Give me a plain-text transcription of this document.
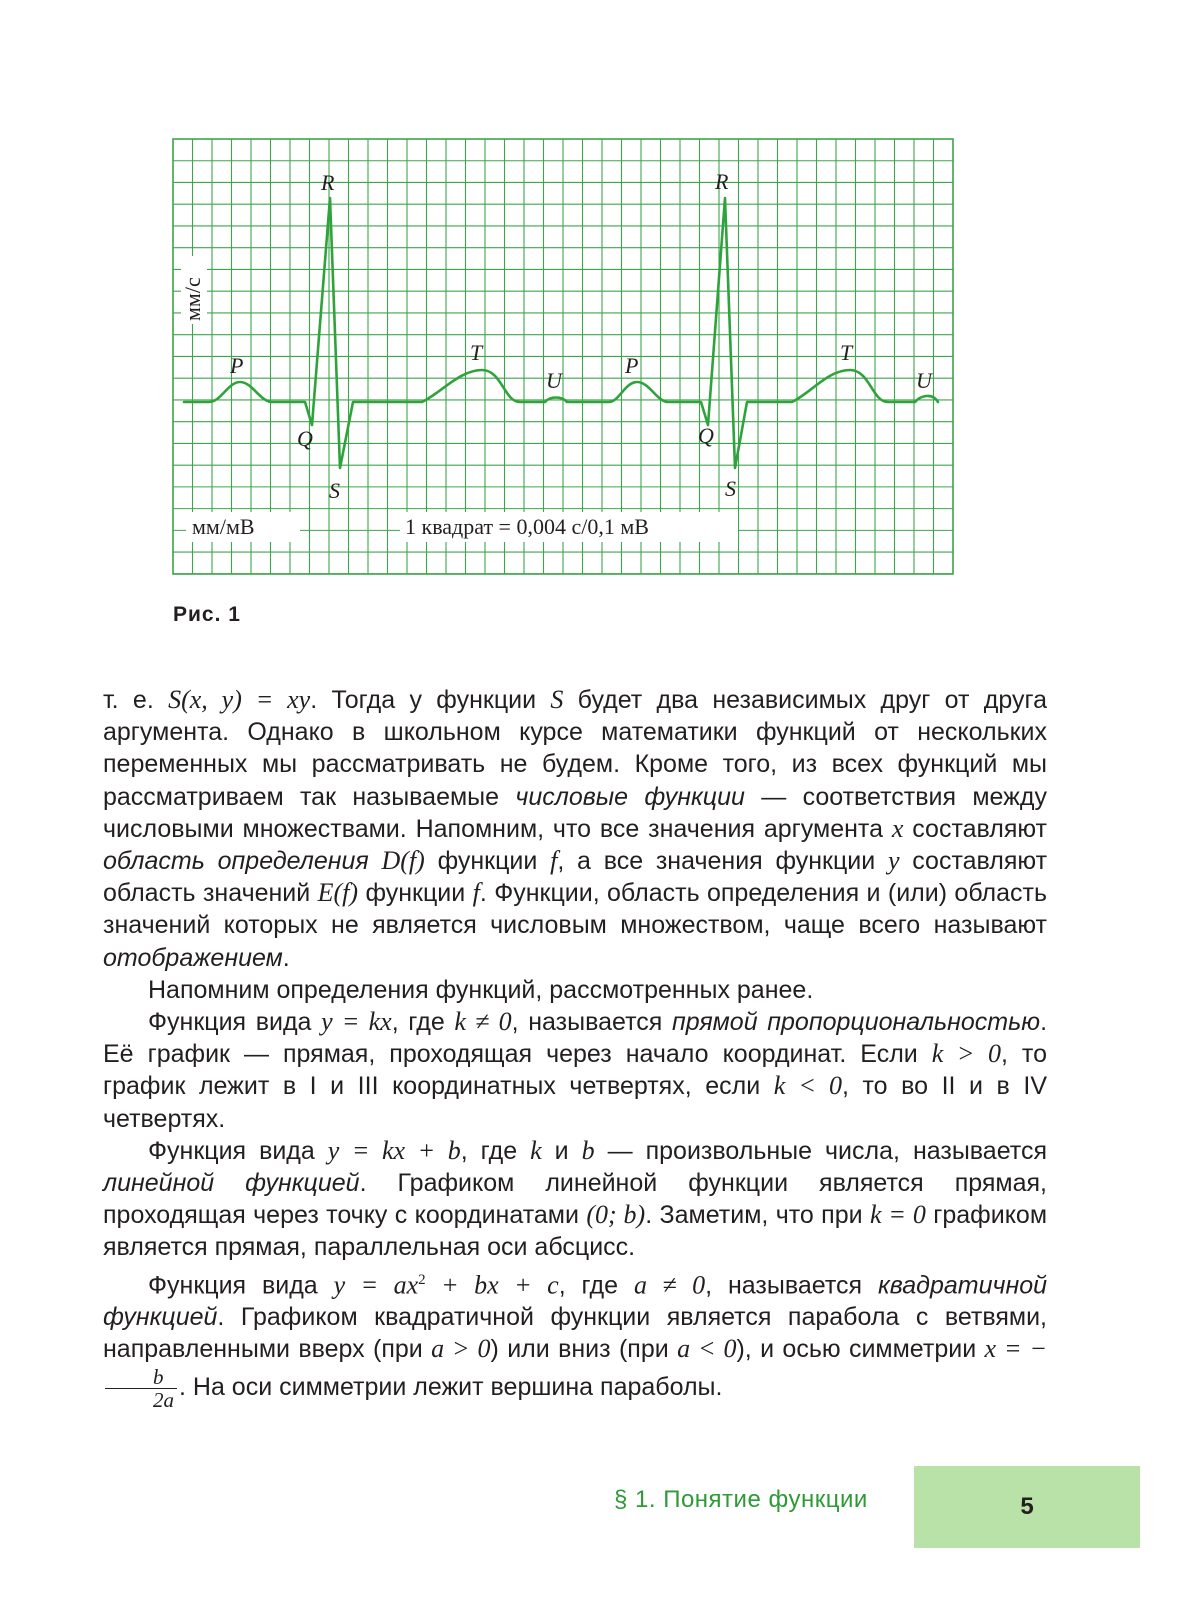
мм/с
P
Q
R
S
T
U
P
Q
R
S
T
U
мм/мВ	1 квадрат = 0,004 с/0,1 мВ
Рис. 1

т. е. S(x, y) = xy. Тогда у функции S будет два независимых друг от друга аргумента. Однако в школьном курсе математики функций от нескольких переменных мы рассматривать не будем. Кроме того, из всех функций мы рассматриваем так называемые числовые функции — соответствия между числовыми множествами. Напомним, что все значения аргумента x составляют область определения D(f) функции f, а все значения функции y составляют область значений E(f) функции f. Функции, область определения и (или) область значений которых не является числовым множеством, чаще всего называют отображением.

Напомним определения функций, рассмотренных ранее.

Функция вида y = kx, где k ≠ 0, называется прямой пропорциональностью. Её график — прямая, проходящая через начало координат. Если k > 0, то график лежит в I и III координатных четвертях, если k < 0, то во II и в IV четвертях.

Функция вида y = kx + b, где k и b — произвольные числа, называется линейной функцией. Графиком линейной функции является прямая, проходящая через точку с координатами (0; b). Заметим, что при k = 0 графиком является прямая, параллельная оси абсцисс.

Функция вида $y = ax^2$ + bx + c, где a ≠ 0, называется квадратичной функцией. Графиком квадратичной функции является парабола с ветвями, направленными вверх (при a > 0) или вниз (при a < 0), и осью симметрии x = −
$\frac{b}{2a}$ . На оси симметрии лежит вершина параболы.

§ 1. Понятие функции	5
